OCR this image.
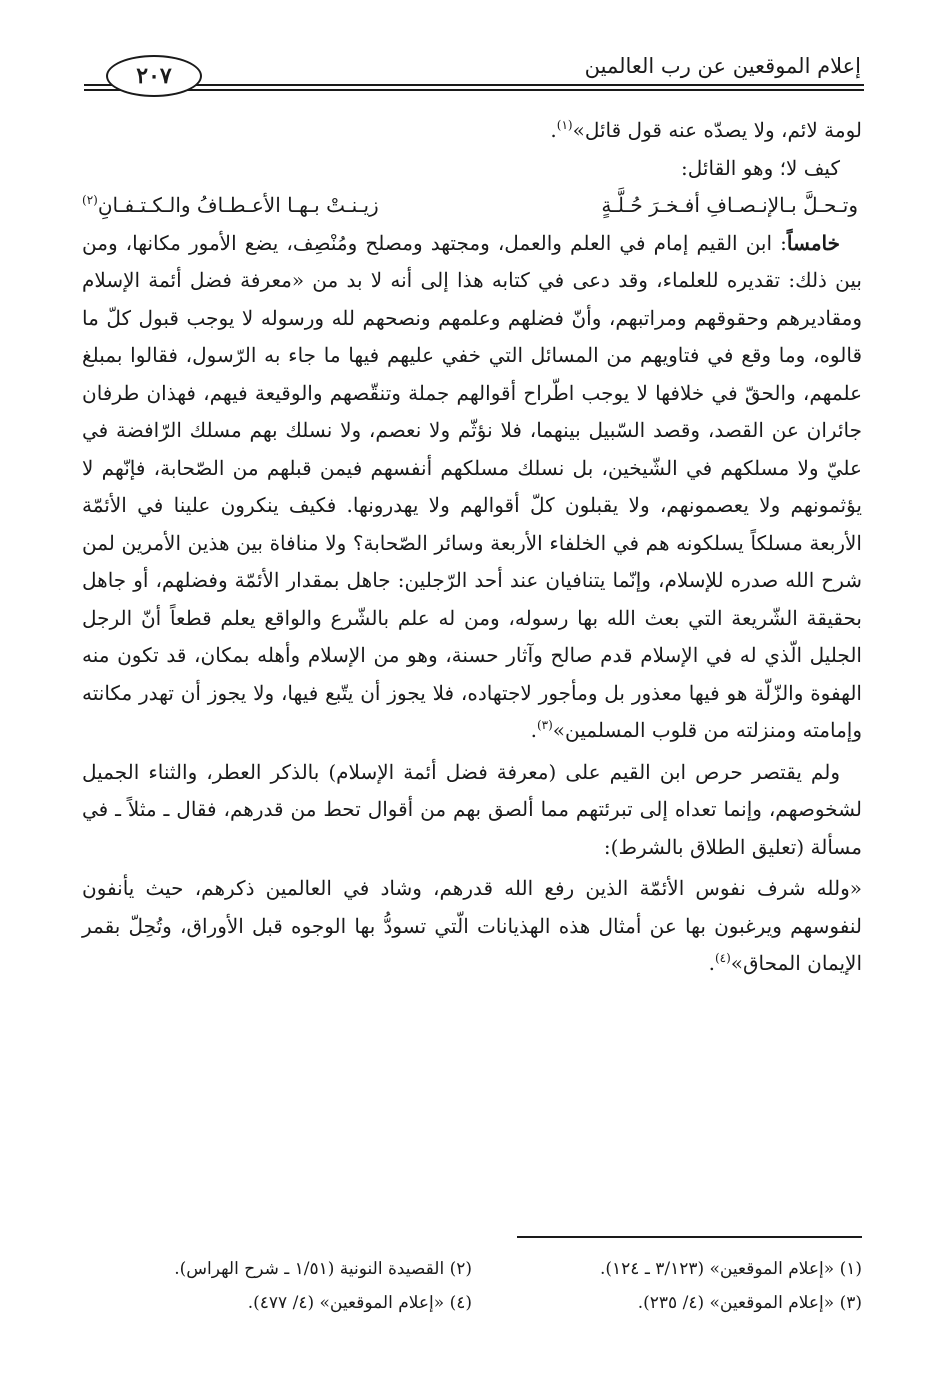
إعلام الموقعين عن رب العالمين
٢٠٧

لومة لائم، ولا يصدّه عنه قول قائل»$^{(١)}$.

كيف لا؛ وهو القائل:

وتـحـلَّ بـالإنـصـافِ أفـخـرَ حُـلَّـةٍ
زيـنـتْ بـهـا الأعـطـافُ والـكـتـفـانِ$^{(٢)}$

خامساً: ابن القيم إمام في العلم والعمل، ومجتهد ومصلح ومُنْصِف، يضع الأمور مكانها، ومن بين ذلك: تقديره للعلماء، وقد دعى في كتابه هذا إلى أنه لا بد من «معرفة فضل أئمة الإسلام ومقاديرهم وحقوقهم ومراتبهم، وأنّ فضلهم وعلمهم ونصحهم لله ورسوله لا يوجب قبول كلّ ما قالوه، وما وقع في فتاويهم من المسائل التي خفي عليهم فيها ما جاء به الرّسول، فقالوا بمبلغ علمهم، والحقّ في خلافها لا يوجب اطّراح أقوالهم جملة وتنقّصهم والوقيعة فيهم، فهذان طرفان جائران عن القصد، وقصد السّبيل بينهما، فلا نؤثّم ولا نعصم، ولا نسلك بهم مسلك الرّافضة في عليّ ولا مسلكهم في الشّيخين، بل نسلك مسلكهم أنفسهم فيمن قبلهم من الصّحابة، فإنّهم لا يؤثمونهم ولا يعصمونهم، ولا يقبلون كلّ أقوالهم ولا يهدرونها. فكيف ينكرون علينا في الأئمّة الأربعة مسلكاً يسلكونه هم في الخلفاء الأربعة وسائر الصّحابة؟ ولا منافاة بين هذين الأمرين لمن شرح الله صدره للإسلام، وإنّما يتنافيان عند أحد الرّجلين: جاهل بمقدار الأئمّة وفضلهم، أو جاهل بحقيقة الشّريعة التي بعث الله بها رسوله، ومن له علم بالشّرع والواقع يعلم قطعاً أنّ الرجل الجليل الّذي له في الإسلام قدم صالح وآثار حسنة، وهو من الإسلام وأهله بمكان، قد تكون منه الهفوة والزّلّة هو فيها معذور بل ومأجور لاجتهاده، فلا يجوز أن يتّبع فيها، ولا يجوز أن تهدر مكانته وإمامته ومنزلته من قلوب المسلمين»$^{(٣)}$.

ولم يقتصر حرص ابن القيم على (معرفة فضل أئمة الإسلام) بالذكر العطر، والثناء الجميل لشخوصهم، وإنما تعداه إلى تبرئتهم مما ألصق بهم من أقوال تحط من قدرهم، فقال ـ مثلاً ـ في مسألة (تعليق الطلاق بالشرط):

«ولله شرف نفوس الأئمّة الذين رفع الله قدرهم، وشاد في العالمين ذكرهم، حيث يأنفون لنفوسهم ويرغبون بها عن أمثال هذه الهذيانات الّتي تسودُّ بها الوجوه قبل الأوراق، وتُحِلّ بقمر الإيمان المحاق»$^{(٤)}$.

(١) «إعلام الموقعين» (٣/١٢٣ ـ ١٢٤).
(٢) القصيدة النونية (١/٥١ ـ شرح الهراس).
(٣) «إعلام الموقعين» (٤/ ٢٣٥).
(٤) «إعلام الموقعين» (٤/ ٤٧٧).
